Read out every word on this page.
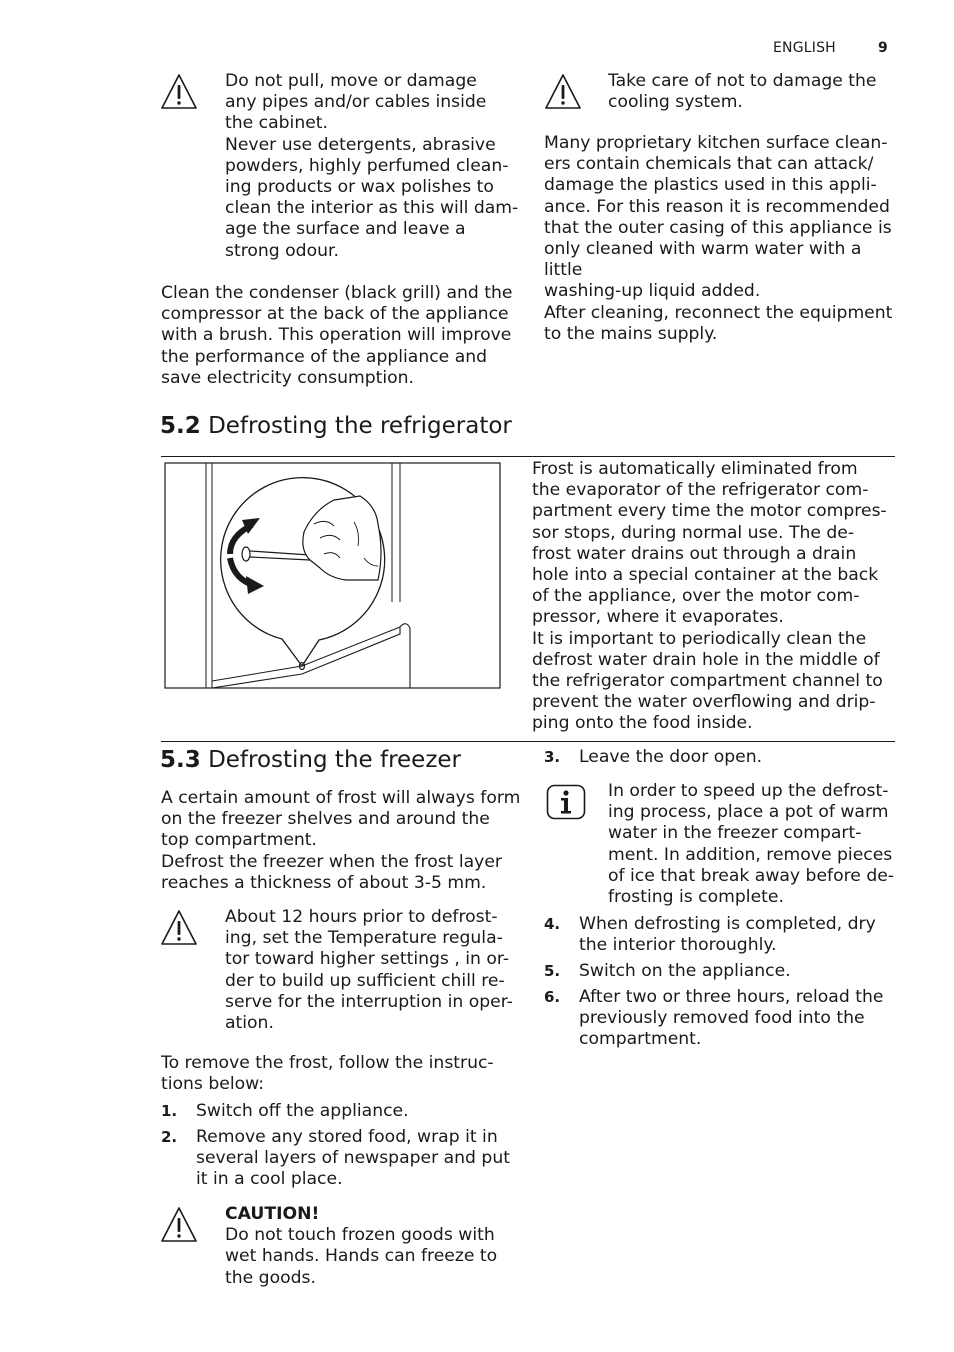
ENGLISH	9
Do not pull, move or damage
any pipes and/or cables inside
the cabinet.
Never use detergents, abrasive
powders, highly perfumed clean-
ing products or wax polishes to
clean the interior as this will dam-
age the surface and leave a
strong odour.
Clean the condenser (black grill) and the
compressor at the back of the appliance
with a brush. This operation will improve
the performance of the appliance and
save electricity consumption.
Take care of not to damage the
cooling system.
Many proprietary kitchen surface clean-
ers contain chemicals that can attack/
damage the plastics used in this appli-
ance. For this reason it is recommended
that the outer casing of this appliance is
only cleaned with warm water with a little
washing-up liquid added.
After cleaning, reconnect the equipment
to the mains supply.
5.2 Defrosting the refrigerator
Frost is automatically eliminated from
the evaporator of the refrigerator com-
partment every time the motor compres-
sor stops, during normal use. The de-
frost water drains out through a drain
hole into a special container at the back
of the appliance, over the motor com-
pressor, where it evaporates.
It is important to periodically clean the
defrost water drain hole in the middle of
the refrigerator compartment channel to
prevent the water overflowing and drip-
ping onto the food inside.
5.3 Defrosting the freezer
A certain amount of frost will always form
on the freezer shelves and around the
top compartment.
Defrost the freezer when the frost layer
reaches a thickness of about 3-5 mm.
About 12 hours prior to defrost-
ing, set the Temperature regula-
tor toward higher settings , in or-
der to build up sufficient chill re-
serve for the interruption in oper-
ation.
To remove the frost, follow the instruc-
tions below:
1. Switch off the appliance.
2. Remove any stored food, wrap it in
several layers of newspaper and put
it in a cool place.
CAUTION!
Do not touch frozen goods with
wet hands. Hands can freeze to
the goods.
3. Leave the door open.
In order to speed up the defrost-
ing process, place a pot of warm
water in the freezer compart-
ment. In addition, remove pieces
of ice that break away before de-
frosting is complete.
4. When defrosting is completed, dry
the interior thoroughly.
5. Switch on the appliance.
6. After two or three hours, reload the
previously removed food into the
compartment.
